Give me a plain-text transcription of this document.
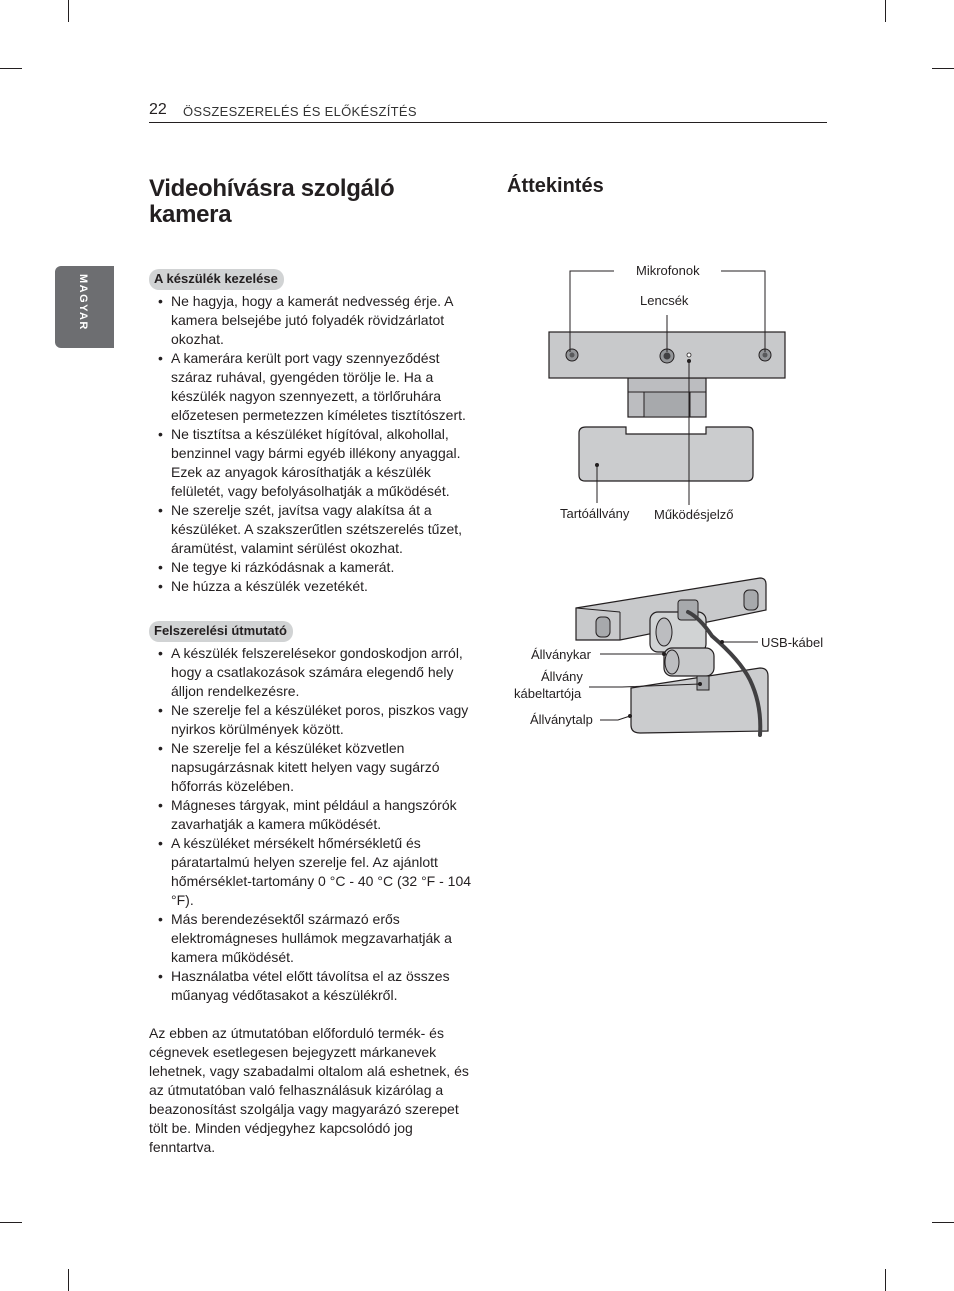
22 ÖSSZESZERELÉS ÉS ELŐKÉSZÍTÉS
MAGYAR
Videohívásra szolgáló kamera
A készülék kezelése
• Ne hagyja, hogy a kamerát nedvesség érje. A kamera belsejébe jutó folyadék rövidzárlatot okozhat.
• A kamerára került port vagy szennyeződést száraz ruhával, gyengéden törölje le. Ha a készülék nagyon szennyezett, a törlőruhára előzetesen permetezzen kíméletes tisztítószert.
• Ne tisztítsa a készüléket hígítóval, alkohollal, benzinnel vagy bármi egyéb illékony anyaggal. Ezek az anyagok károsíthatják a készülék felületét, vagy befolyásolhatják a működését.
• Ne szerelje szét, javítsa vagy alakítsa át a készüléket. A szakszerűtlen szétszerelés tűzet, áramütést, valamint sérülést okozhat.
• Ne tegye ki rázkódásnak a kamerát.
• Ne húzza a készülék vezetékét.
Felszerelési útmutató
• A készülék felszerelésekor gondoskodjon arról, hogy a csatlakozások számára elegendő hely álljon rendelkezésre.
• Ne szerelje fel a készüléket poros, piszkos vagy nyirkos körülmények között.
• Ne szerelje fel a készüléket közvetlen napsugárzásnak kitett helyen vagy sugárzó hőforrás közelében.
• Mágneses tárgyak, mint például a hangszórók zavarhatják a kamera működését.
• A készüléket mérsékelt hőmérsékletű és páratartalmú helyen szerelje fel. Az ajánlott hőmérséklet-tartomány 0 °C - 40 °C (32 °F - 104 °F).
• Más berendezésektől származó erős elektromágneses hullámok megzavarhatják a kamera működését.
• Használatba vétel előtt távolítsa el az összes műanyag védőtasakot a készülékről.

Az ebben az útmutatóban előforduló termék- és cégnevek esetlegesen bejegyzett márkanevek lehetnek, vagy szabadalmi oltalom alá eshetnek, és az útmutatóban való felhasználásuk kizárólag a beazonosítást szolgálja vagy magyarázó szerepet tölt be. Minden védjegyhez kapcsolódó jog fenntartva.

Áttekintés
Mikrofonok
Lencsék
Tartóállvány Működésjelző
Állványkar
Állvány
kábeltartója
Állványtalp
USB-kábel
